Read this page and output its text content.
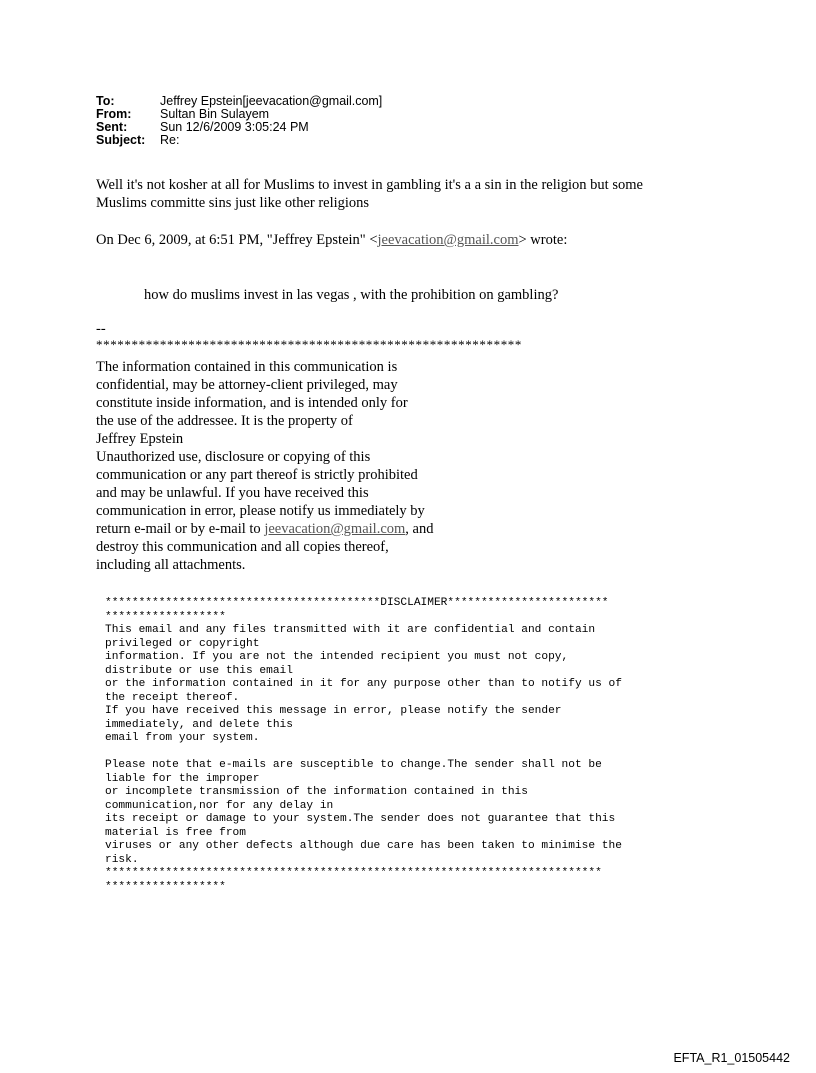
To:	Jeffrey Epstein[jeevacation@gmail.com]
From:	Sultan Bin Sulayem
Sent:	Sun 12/6/2009 3:05:24 PM
Subject:	Re:

Well it's not kosher at all for Muslims to invest in gambling it's a a sin in the religion but some

Muslims committe sins just like other religions

On Dec 6, 2009, at 6:51 PM, "Jeffrey Epstein" <jeevacation@gmail.com> wrote:
how do muslims invest in las vegas , with the prohibition on gambling?
--
************************************************************
The information contained in this communication is
confidential, may be attorney-client privileged, may
constitute inside information, and is intended only for
the use of the addressee. It is the property of
Jeffrey Epstein
Unauthorized use, disclosure or copying of this
communication or any part thereof is strictly prohibited
and may be unlawful. If you have received this
communication in error, please notify us immediately by
return e-mail or by e-mail to jeevacation@gmail.com, and
destroy this communication and all copies thereof,
including all attachments.
*****************************************DISCLAIMER************************
******************
This email and any files transmitted with it are confidential and contain
privileged or copyright
information. If you are not the intended recipient you must not copy,
distribute or use this email
or the information contained in it for any purpose other than to notify us of
the receipt thereof.
If you have received this message in error, please notify the sender
immediately, and delete this
email from your system.
Please note that e-mails are susceptible to change.The sender shall not be
liable for the improper
or incomplete transmission of the information contained in this
communication,nor for any delay in
its receipt or damage to your system.The sender does not guarantee that this
material is free from
viruses or any other defects although due care has been taken to minimise the
risk.
**************************************************************************
******************
EFTA_R1_01505442
